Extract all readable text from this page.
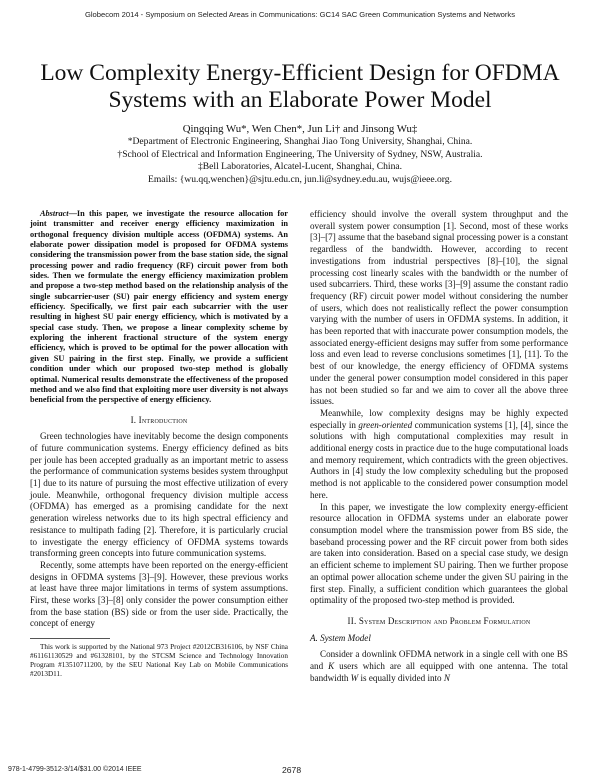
Globecom 2014 - Symposium on Selected Areas in Communications: GC14 SAC Green Communication Systems and Networks
Low Complexity Energy-Efficient Design for OFDMA Systems with an Elaborate Power Model
Qingqing Wu*, Wen Chen*, Jun Li† and Jinsong Wu‡
*Department of Electronic Engineering, Shanghai Jiao Tong University, Shanghai, China.
†School of Electrical and Information Engineering, The University of Sydney, NSW, Australia.
‡Bell Laboratories, Alcatel-Lucent, Shanghai, China.
Emails: {wu.qq,wenchen}@sjtu.edu.cn, jun.li@sydney.edu.au, wujs@ieee.org.

Abstract—In this paper, we investigate the resource allocation for joint transmitter and receiver energy efficiency maximization in orthogonal frequency division multiple access (OFDMA) systems. An elaborate power dissipation model is proposed for OFDMA systems considering the transmission power from the base station side, the signal processing power and radio frequency (RF) circuit power from both sides. Then we formulate the energy efficiency maximization problem and propose a two-step method based on the relationship analysis of the single subcarrier-user (SU) pair energy efficiency and system energy efficiency. Specifically, we first pair each subcarrier with the user resulting in highest SU pair energy efficiency, which is motivated by a special case study. Then, we propose a linear complexity scheme by exploring the inherent fractional structure of the system energy efficiency, which is proved to be optimal for the power allocation with given SU pairing in the first step. Finally, we provide a sufficient condition under which our proposed two-step method is globally optimal. Numerical results demonstrate the effectiveness of the proposed method and we also find that exploiting more user diversity is not always beneficial from the perspective of energy efficiency.

I. Introduction

Green technologies have inevitably become the design components of future communication systems. Energy efficiency defined as bits per joule has been accepted gradually as an important metric to assess the performance of communication systems besides system throughput [1] due to its nature of pursuing the most effective utilization of every joule. Meanwhile, orthogonal frequency division multiple access (OFDMA) has emerged as a promising candidate for the next generation wireless networks due to its high spectral efficiency and resistance to multipath fading [2]. Therefore, it is particularly crucial to investigate the energy efficiency of OFDMA systems towards transforming green concepts into future communication systems.

Recently, some attempts have been reported on the energy-efficient designs in OFDMA systems [3]–[9]. However, these previous works at least have three major limitations in terms of system assumptions. First, these works [3]–[8] only consider the power consumption either from the base station (BS) side or from the user side. Practically, the concept of energy

This work is supported by the National 973 Project #2012CB316106, by NSF China #61161130529 and #61328101, by the STCSM Science and Technology Innovation Program #13510711200, by the SEU National Key Lab on Mobile Communications #2013D11.

efficiency should involve the overall system throughput and the overall system power consumption [1]. Second, most of these works [3]–[7] assume that the baseband signal processing power is a constant regardless of the bandwidth. However, according to recent investigations from industrial perspectives [8]–[10], the signal processing cost linearly scales with the bandwidth or the number of used subcarriers. Third, these works [3]–[9] assume the constant radio frequency (RF) circuit power model without considering the number of users, which does not realistically reflect the power consumption varying with the number of users in OFDMA systems. In addition, it has been reported that with inaccurate power consumption models, the associated energy-efficient designs may suffer from some performance loss and even lead to reverse conclusions sometimes [1], [11]. To the best of our knowledge, the energy efficiency of OFDMA systems under the general power consumption model considered in this paper has not been studied so far and we aim to cover all the above three issues.

Meanwhile, low complexity designs may be highly expected especially in green-oriented communication systems [1], [4], since the solutions with high computational complexities may result in additional energy costs in practice due to the huge computational loads and memory requirement, which contradicts with the green objectives. Authors in [4] study the low complexity scheduling but the proposed method is not applicable to the considered power consumption model here.

In this paper, we investigate the low complexity energy-efficient resource allocation in OFDMA systems under an elaborate power consumption model where the transmission power from BS side, the baseband processing power and the RF circuit power from both sides are taken into consideration. Based on a special case study, we design an efficient scheme to implement SU pairing. Then we further propose an optimal power allocation scheme under the given SU pairing in the first step. Finally, a sufficient condition which guarantees the global optimality of the proposed two-step method is provided.

II. System Description and Problem Formulation
A. System Model

Consider a downlink OFDMA network in a single cell with one BS and K users which are all equipped with one antenna. The total bandwidth W is equally divided into N

978-1-4799-3512-3/14/$31.00 ©2014 IEEE	2678
